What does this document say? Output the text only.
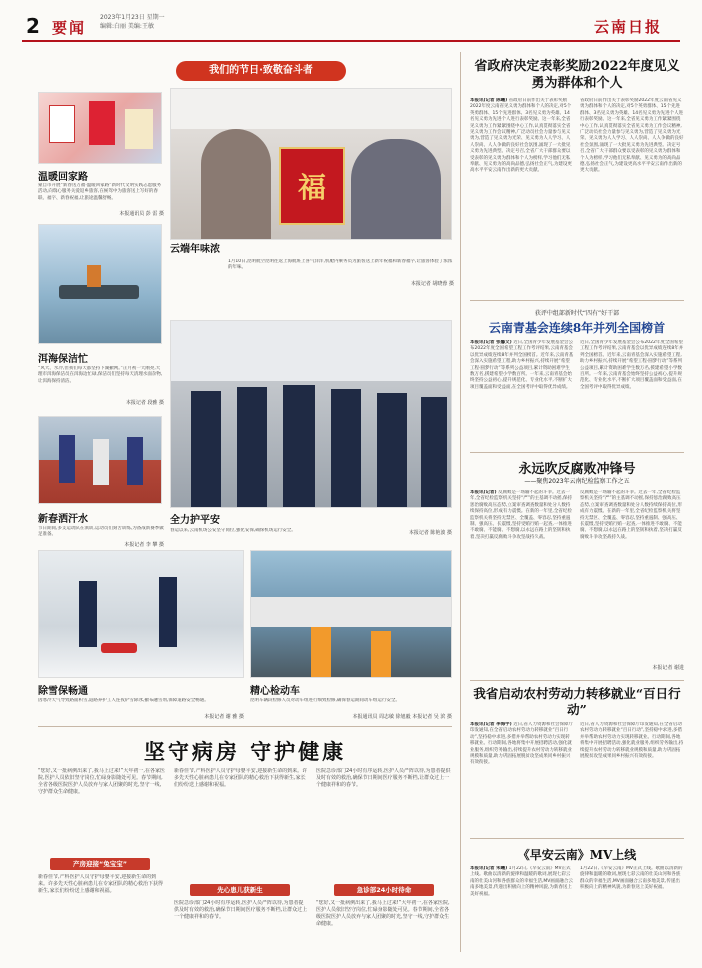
2 要闻
2023年1月23日 星期一
编辑:白丽 美编:王敏	云南日报
我们的节日·致敬奋斗者
温暖回家路
蒙自市开展“新春送万福·温暖回家路”新时代文明实践志愿服务活动,向瑞心服务关爱返乡旅客,在候驾中为旅客送上写好的春联、福字、新春祝福,让旅途温馨舒畅。
本报通讯员 彭 雷 摄
福
云端年味浓
1月10日,昆明航空昆明往返上海航班上喜气洋洋,机舱内乘务员为旅客送上新年祝福和新春福字,让旅客体验了浓浓的年味。
本报记者 胡晓蓉 摄
洱海保洁忙
“风大、水冷,但我们每天都坚持下湖撒网。”正月初一天刚亮,大理市洱海保洁员在洱海边忙碌,保洁员们坚持每天清理水面杂物,让洱海保持清洁。
本报记者 段雅 摄
新春洒汗水
节日期间,多支运动队在滇训,运动员们刻苦训练,为备战新赛季做足准备。
本报记者 李 攀 摄
全力护平安
春运以来,云南机场公安坚守岗位,强化安保,确保机场运行安全。	本报记者 陈艳波 摄
除雪保畅通
因寒冷天气导致路面积雪,道路养护工人连夜铲雪除冰,撒布融雪剂,保障道路安全畅通。
本报记者 谢 雅 摄
精心检动车
昆明车辆段检修人员对动车组进行细致检修,确保春运期间动车组运行安全。
本报通讯员 周志敏 徐旭毅 本报记者 吴 滨 摄
省政府决定表彰奖励2022年度见义勇为群体和个人
本报讯(记者 陈曦) 省政府日前作出关于表彰奖励2022年度云南省见义勇为群体和个人的决定,对5个英勇群体、15个先进群体、3名见义勇为英雄、14名见义勇为先进个人进行表彰奖励。这一年来,全省见义勇为工作紧紧围绕中心工作,认真贯彻落实全省见义勇为工作会议精神,广泛动员社会力量参与见义勇为,营造了见义勇为光荣、见义勇为人人学习、人人崇尚、人人争做的良好社会氛围,涌现了一大批见义勇为先进典型。决定号召,全省广大干部群众要以受表彰的见义勇为群体和个人为榜样,学习他们无私奉献、见义勇为的高尚品德,弘扬社会正气,为建设更高水平平安云南作出新的更大贡献。
省政府日前作出关于表彰奖励2022年度云南省见义勇为群体和个人的决定,对5个英勇群体、15个先进群体、3名见义勇为英雄、14名见义勇为先进个人进行表彰奖励。这一年来,全省见义勇为工作紧紧围绕中心工作,认真贯彻落实全省见义勇为工作会议精神,广泛动员社会力量参与见义勇为,营造了见义勇为光荣、见义勇为人人学习、人人崇尚、人人争做的良好社会氛围,涌现了一大批见义勇为先进典型。决定号召,全省广大干部群众要以受表彰的见义勇为群体和个人为榜样,学习他们无私奉献、见义勇为的高尚品德,弘扬社会正气,为建设更高水平平安云南作出新的更大贡献。
获评中组部新时代“四有”好干部
云南青基会连续8年并列全国榜首
本报讯(记者 张馨文) 近日,全国青少年发展基金会公布2022年度全国希望工程工作考评结果,云南青基会以优异成绩连续8年并列全国榜首。近年来,云南青基会深入实施希望工程,助力乡村振兴,持续开展“希望工程·圆梦行动”等系列公益项目,累计资助困难学生数万名,援建希望小学数百所。一年来,云南青基会始终坚持公益初心,提升规范化、专业化水平,不断扩大项目覆盖面和受益面,在全国考评中取得优异成绩。
近日,全国青少年发展基金会公布2022年度全国希望工程工作考评结果,云南青基会以优异成绩连续8年并列全国榜首。近年来,云南青基会深入实施希望工程,助力乡村振兴,持续开展“希望工程·圆梦行动”等系列公益项目,累计资助困难学生数万名,援建希望小学数百所。一年来,云南青基会始终坚持公益初心,提升规范化、专业化水平,不断扩大项目覆盖面和受益面,在全国考评中取得优异成绩。
永远吹反腐败冲锋号
——聚焦2023年云南纪检监察工作之五
本报讯(记者) 反腐败是一场输不起的斗争。过去一年,全省纪检监察机关坚持“严”的主基调不动摇,保持惩治腐败高压态势,立案审查调查数量和处分人数持续保持高位,形成有力震慑。在新的一年里,全省纪检监察机关将坚持无禁区、全覆盖、零容忍,坚持重遏制、强高压、长震慑,坚持受贿行贿一起查,一体推进不敢腐、不能腐、不想腐,以永远在路上的坚韧和执着,坚决打赢反腐败斗争攻坚战持久战。
反腐败是一场输不起的斗争。过去一年,全省纪检监察机关坚持“严”的主基调不动摇,保持惩治腐败高压态势,立案审查调查数量和处分人数持续保持高位,形成有力震慑。在新的一年里,全省纪检监察机关将坚持无禁区、全覆盖、零容忍,坚持重遏制、强高压、长震慑,坚持受贿行贿一起查,一体推进不敢腐、不能腐、不想腐,以永远在路上的坚韧和执着,坚决打赢反腐败斗争攻坚战持久战。
本报记者 谢进
我省启动农村劳动力转移就业“百日行动”
本报讯(记者 李海宇) 近日,省人力资源和社会保障厅印发通知,在全省启动农村劳动力转移就业“百日行动”,坚持稳中求进,多措并举帮助农村劳动力实现转移就业。行动期间,各地将集中开展招聘活动,强化就业服务,组织劳务输出,持续提升农村劳动力转移就业规模和质量,助力巩固拓展脱贫攻坚成果同乡村振兴有效衔接。
近日,省人力资源和社会保障厅印发通知,在全省启动农村劳动力转移就业“百日行动”,坚持稳中求进,多措并举帮助农村劳动力实现转移就业。行动期间,各地将集中开展招聘活动,强化就业服务,组织劳务输出,持续提升农村劳动力转移就业规模和质量,助力巩固拓展脱贫攻坚成果同乡村振兴有效衔接。
《早安云南》MV上线
本报讯(记者 朱曦) 1月22日,《早安云南》MV正式上线。歌曲以清新的旋律和温暖的歌词,展现七彩云南的壮美山河和各族群众的幸福生活,MV画面融合云南多地美景,传递出积极向上的精神风貌,为新春送上美好祝福。
1月22日,《早安云南》MV正式上线。歌曲以清新的旋律和温暖的歌词,展现七彩云南的壮美山河和各族群众的幸福生活,MV画面融合云南多地美景,传递出积极向上的精神风貌,为新春送上美好祝福。
坚守病房 守护健康
“您好,又一批病例出来了,我马上过来!”大年初一,在各家医院,医护人员依旧坚守岗位,忙碌身影随处可见。春节期间,全省各级医院医护人员放弃与家人团聚的时光,坚守一线,守护群众生命健康。
产房迎接“兔宝宝”
新春佳节,产科医护人员守护母婴平安,迎接新生命的到来。许多先天性心脏病患儿在专家团队的精心救治下获得新生,家长们纷纷送上感谢和祝福。
新春佳节,产科医护人员守护母婴平安,迎接新生命的到来。许多先天性心脏病患儿在专家团队的精心救治下获得新生,家长们纷纷送上感谢和祝福。
先心患儿获新生
医院急诊部门24小时有序运转,医护人员严阵以待,为患者提供及时有效的救治,确保节日期间医疗服务不断档,让群众过上一个健康祥和的春节。
医院急诊部门24小时有序运转,医护人员严阵以待,为患者提供及时有效的救治,确保节日期间医疗服务不断档,让群众过上一个健康祥和的春节。
急诊部24小时待命
“您好,又一批病例出来了,我马上过来!”大年初一,在各家医院,医护人员依旧坚守岗位,忙碌身影随处可见。春节期间,全省各级医院医护人员放弃与家人团聚的时光,坚守一线,守护群众生命健康。
